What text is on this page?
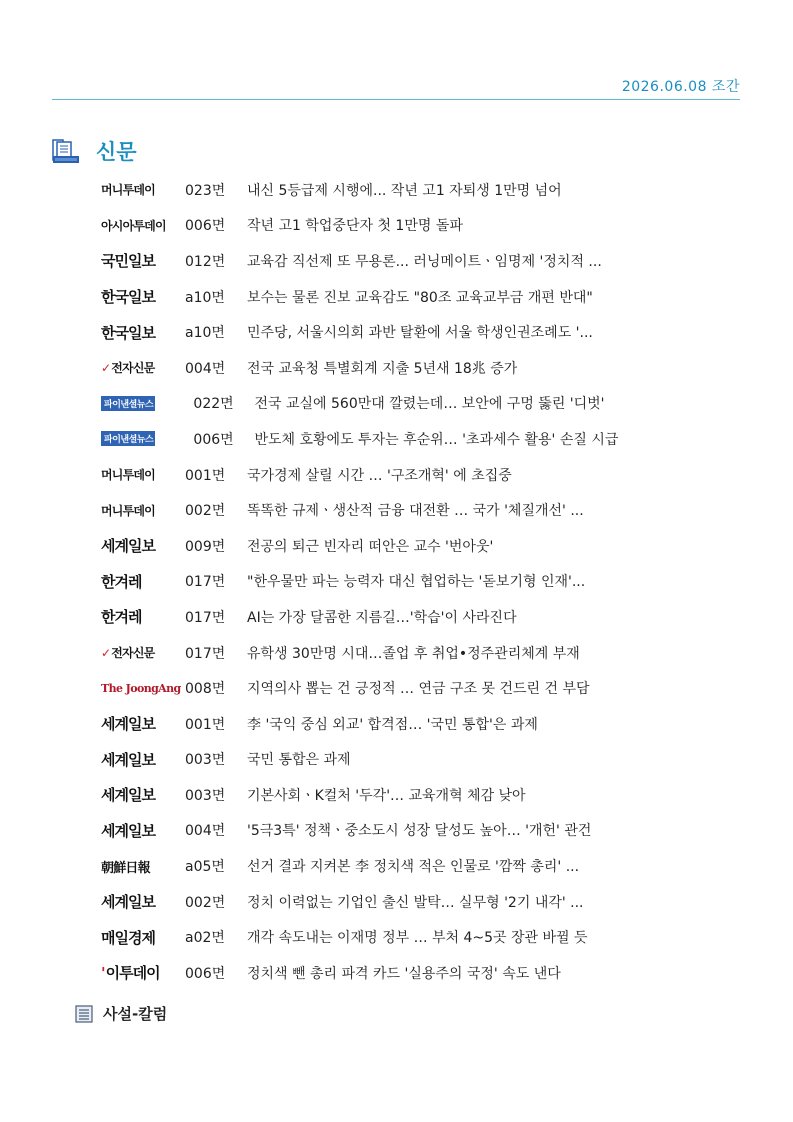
2026.06.08 조간
신문
머니투데이	023면	내신 5등급제 시행에... 작년 고1 자퇴생 1만명 넘어
아시아투데이	006면	작년 고1 학업중단자 첫 1만명 돌파
국민일보	012면	교육감 직선제 또 무용론... 러닝메이트ㆍ임명제 '정치적 ...
한국일보	a10면	보수는 물론 진보 교육감도 "80조 교육교부금 개편 반대"
한국일보	a10면	민주당, 서울시의회 과반 탈환에 서울 학생인권조례도 '...
✓전자신문	004면	전국 교육청 특별회계 지출 5년새 18兆 증가
파이낸셜뉴스	022면	전국 교실에 560만대 깔렸는데… 보안에 구멍 뚫린 '디벗'
파이낸셜뉴스	006면	반도체 호황에도 투자는 후순위… '초과세수 활용' 손질 시급
머니투데이	001면	국가경제 살릴 시간 … '구조개혁' 에 초집중
머니투데이	002면	똑똑한 규제ㆍ생산적 금융 대전환 … 국가 '체질개선' ...
세계일보	009면	전공의 퇴근 빈자리 떠안은 교수 '번아웃'
한겨레	017면	"한우물만 파는 능력자 대신 협업하는 '돋보기형 인재'...
한겨레	017면	AI는 가장 달콤한 지름길…'학습'이 사라진다
✓전자신문	017면	유학생 30만명 시대…졸업 후 취업•정주관리체계 부재
The JoongAng 008면	지역의사 뽑는 건 긍정적 … 연금 구조 못 건드린 건 부담
세계일보	001면	李 '국익 중심 외교' 합격점… '국민 통합'은 과제
세계일보	003면	국민 통합은 과제
세계일보	003면	기본사회ㆍK컬처 '두각'… 교육개혁 체감 낮아
세계일보	004면	'5극3특' 정책ㆍ중소도시 성장 달성도 높아… '개헌' 관건
朝鮮日報	a05면	선거 결과 지켜본 李 정치색 적은 인물로 '깜짝 총리' ...
세계일보	002면	정치 이력없는 기업인 출신 발탁… 실무형 '2기 내각' ...
매일경제	a02면	개각 속도내는 이재명 정부 … 부처 4~5곳 장관 바뀔 듯
'이투데이	006면	정치색 뺀 총리 파격 카드 '실용주의 국정' 속도 낸다
사설-칼럼
